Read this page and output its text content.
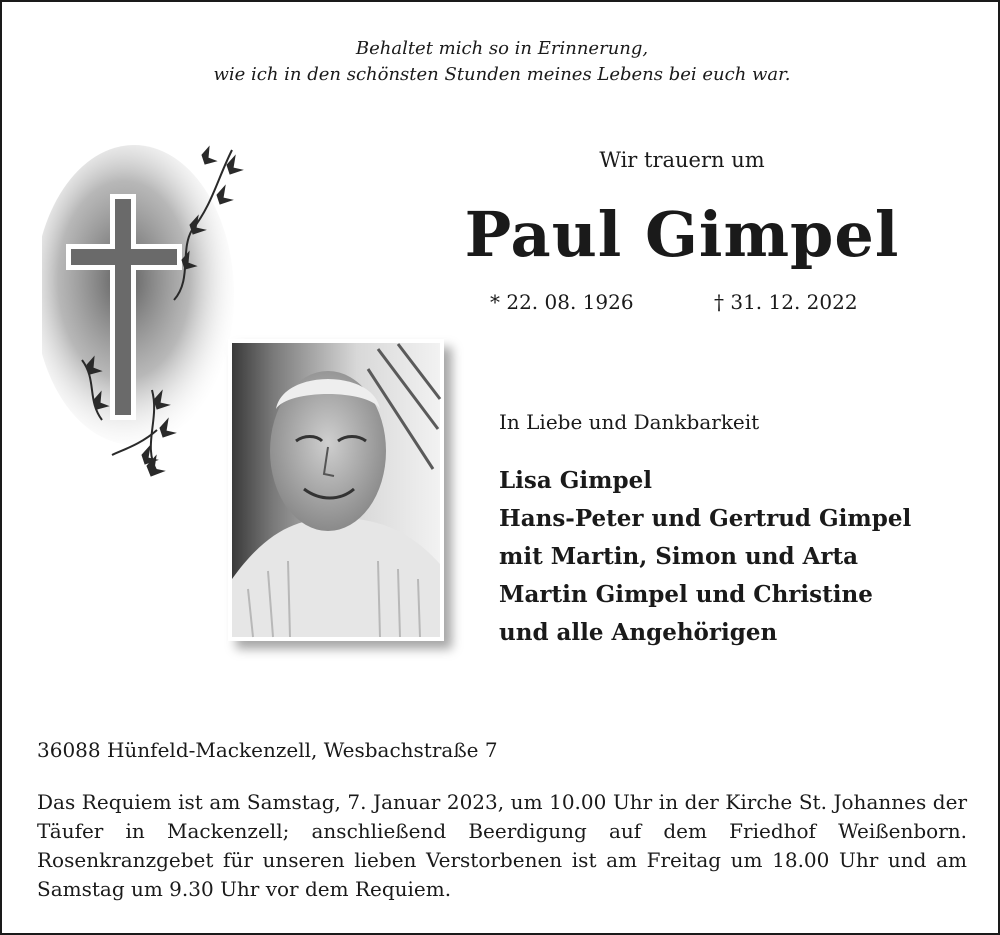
Behaltet mich so in Erinnerung,
wie ich in den schönsten Stunden meines Lebens bei euch war.
Wir trauern um
Paul Gimpel
* 22. 08. 1926	† 31. 12. 2022
In Liebe und Dankbarkeit
Lisa Gimpel
Hans-Peter und Gertrud Gimpel
mit Martin, Simon und Arta
Martin Gimpel und Christine
und alle Angehörigen
36088 Hünfeld-Mackenzell, Wesbachstraße 7
Das Requiem ist am Samstag, 7. Januar 2023, um 10.00 Uhr in der Kirche St. Johannes der Täufer in Mackenzell; anschließend Beerdigung auf dem Friedhof Weißenborn. Rosenkranzgebet für unseren lieben Verstorbenen ist am Freitag um 18.00 Uhr und am Samstag um 9.30 Uhr vor dem Requiem.
